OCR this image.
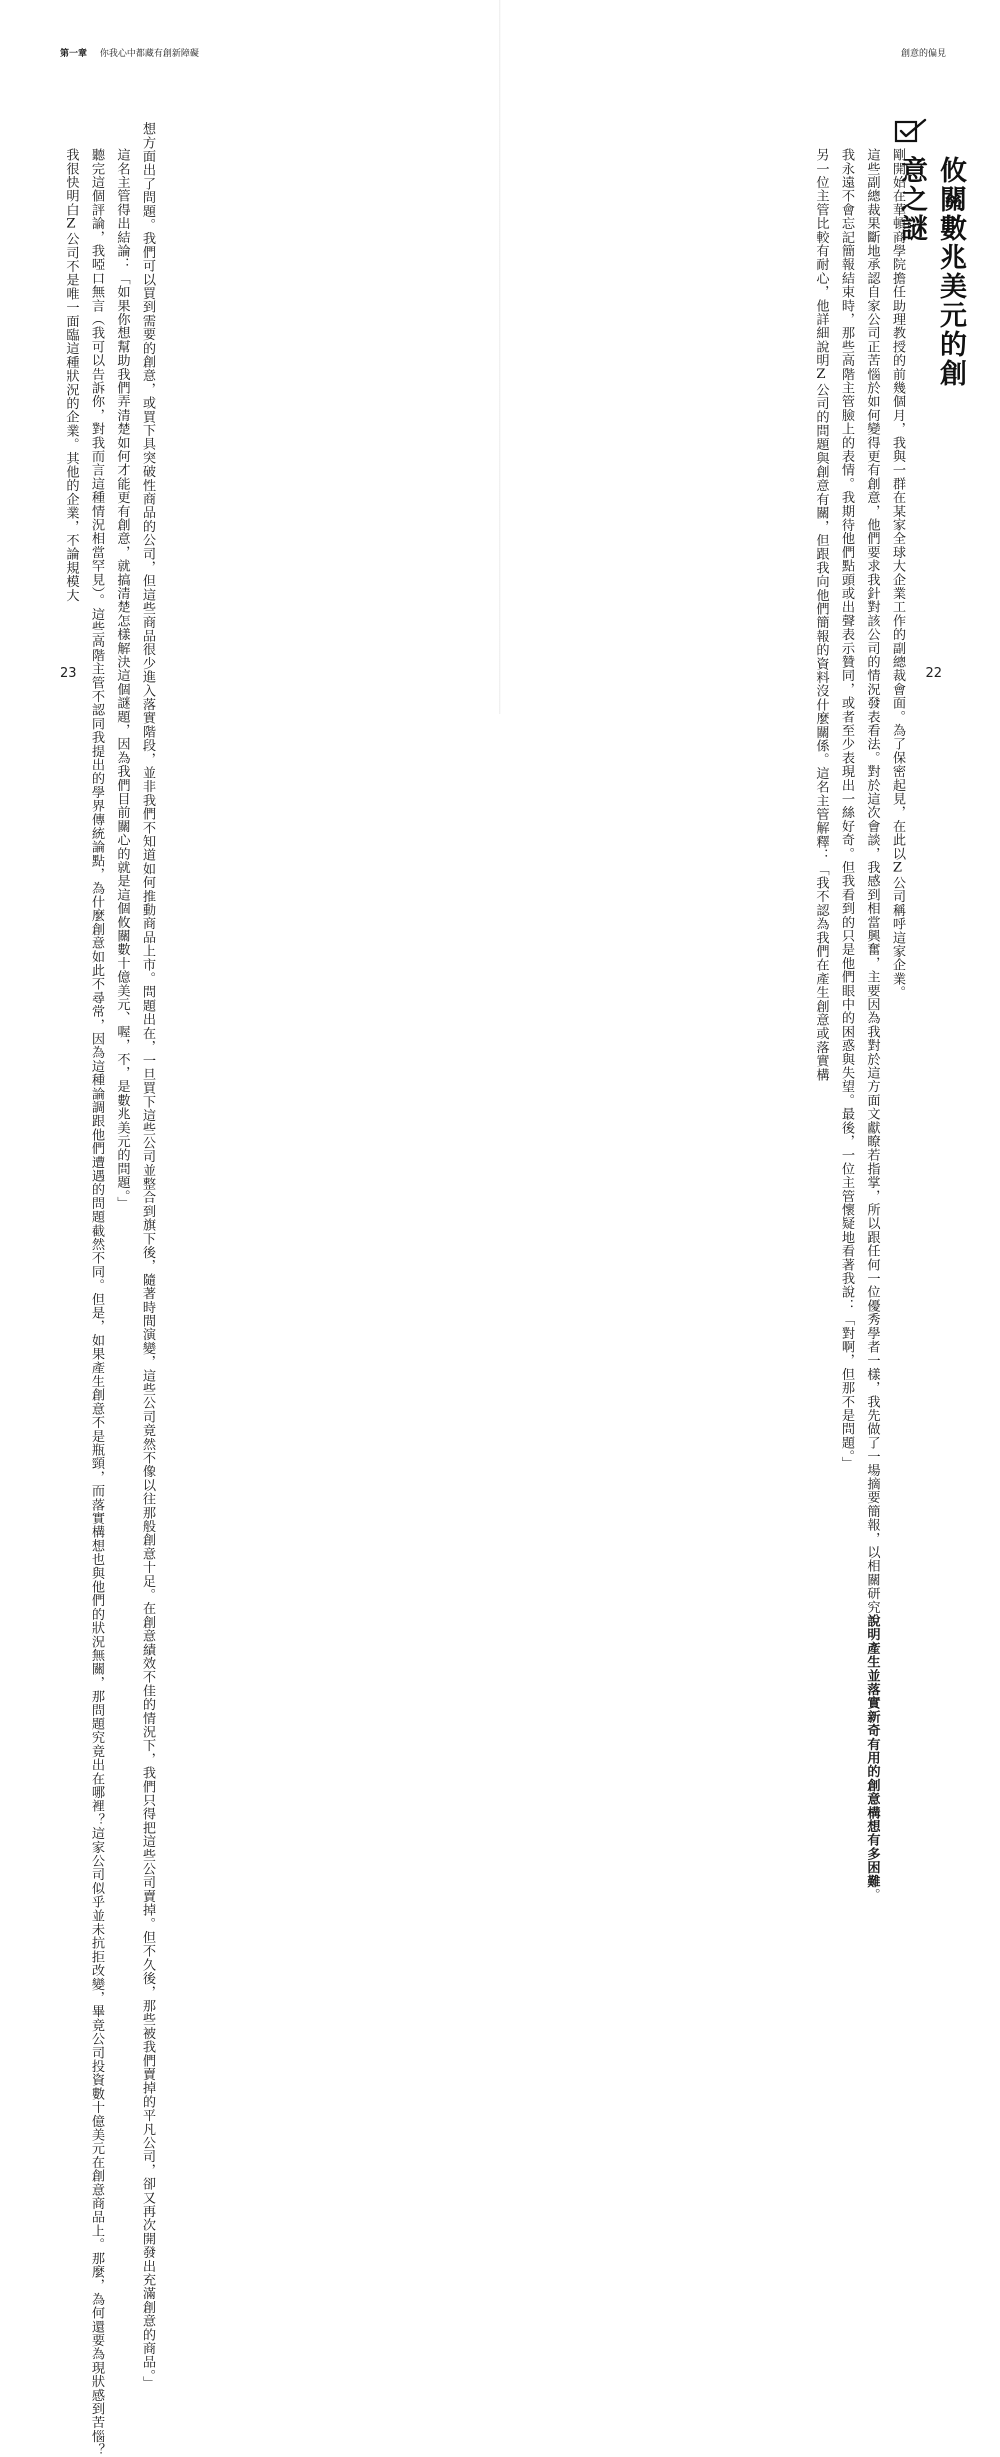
第一章 你我心中都藏有創新障礙
想方面出了問題。我們可以買到需要的創意，或買下具突破性商品的公司，但這些商品很少進入落實階段，並非我們不知道如何推動商品上市。問題出在，一旦買下這些公司並整合到旗下後，隨著時間演變，這些公司竟然不像以往那般創意十足。在創意績效不佳的情況下，我們只得把這些公司賣掉。但不久後，那些被我們賣掉的平凡公司，卻又再次開發出充滿創意的商品。」
這名主管得出結論：「如果你想幫助我們弄清楚如何才能更有創意，就搞清楚怎樣解決這個謎題，因為我們目前關心的就是這個攸關數十億美元、喔，不，是數兆美元的問題。」
聽完這個評論，我啞口無言（我可以告訴你，對我而言這種情況相當罕見）。這些高階主管不認同我提出的學界傳統論點，為什麼創意如此不尋常，因為這種論調跟他們遭遇的問題截然不同。但是，如果產生創意不是瓶頸，而落實構想也與他們的狀況無關，那問題究竟出在哪裡？這家公司似乎並未抗拒改變，畢竟公司投資數十億美元在創意商品上。那麼，為何還要為現狀感到苦惱？
我很快明白Z公司不是唯一面臨這種狀況的企業。其他的企業，不論規模大
23
創意的偏見
攸關數兆美元的創意之謎
剛開始在華頓商學院擔任助理教授的前幾個月，我與一群在某家全球大企業工作的副總裁會面。為了保密起見，在此以Z公司稱呼這家企業。
這些副總裁果斷地承認自家公司正苦惱於如何變得更有創意，他們要求我針對該公司的情況發表看法。對於這次會談，我感到相當興奮，主要因為我對於這方面文獻瞭若指掌，所以跟任何一位優秀學者一樣，我先做了一場摘要簡報，以相關研究說明產生並落實新奇有用的創意構想有多困難。
我永遠不會忘記簡報結束時，那些高階主管臉上的表情。我期待他們點頭或出聲表示贊同，或者至少表現出一絲好奇。但我看到的只是他們眼中的困惑與失望。最後，一位主管懷疑地看著我說：「對啊，但那不是問題。」
另一位主管比較有耐心，他詳細說明Z公司的問題與創意有關，但跟我向他們簡報的資料沒什麼關係。這名主管解釋：「我不認為我們在產生創意或落實構	22
